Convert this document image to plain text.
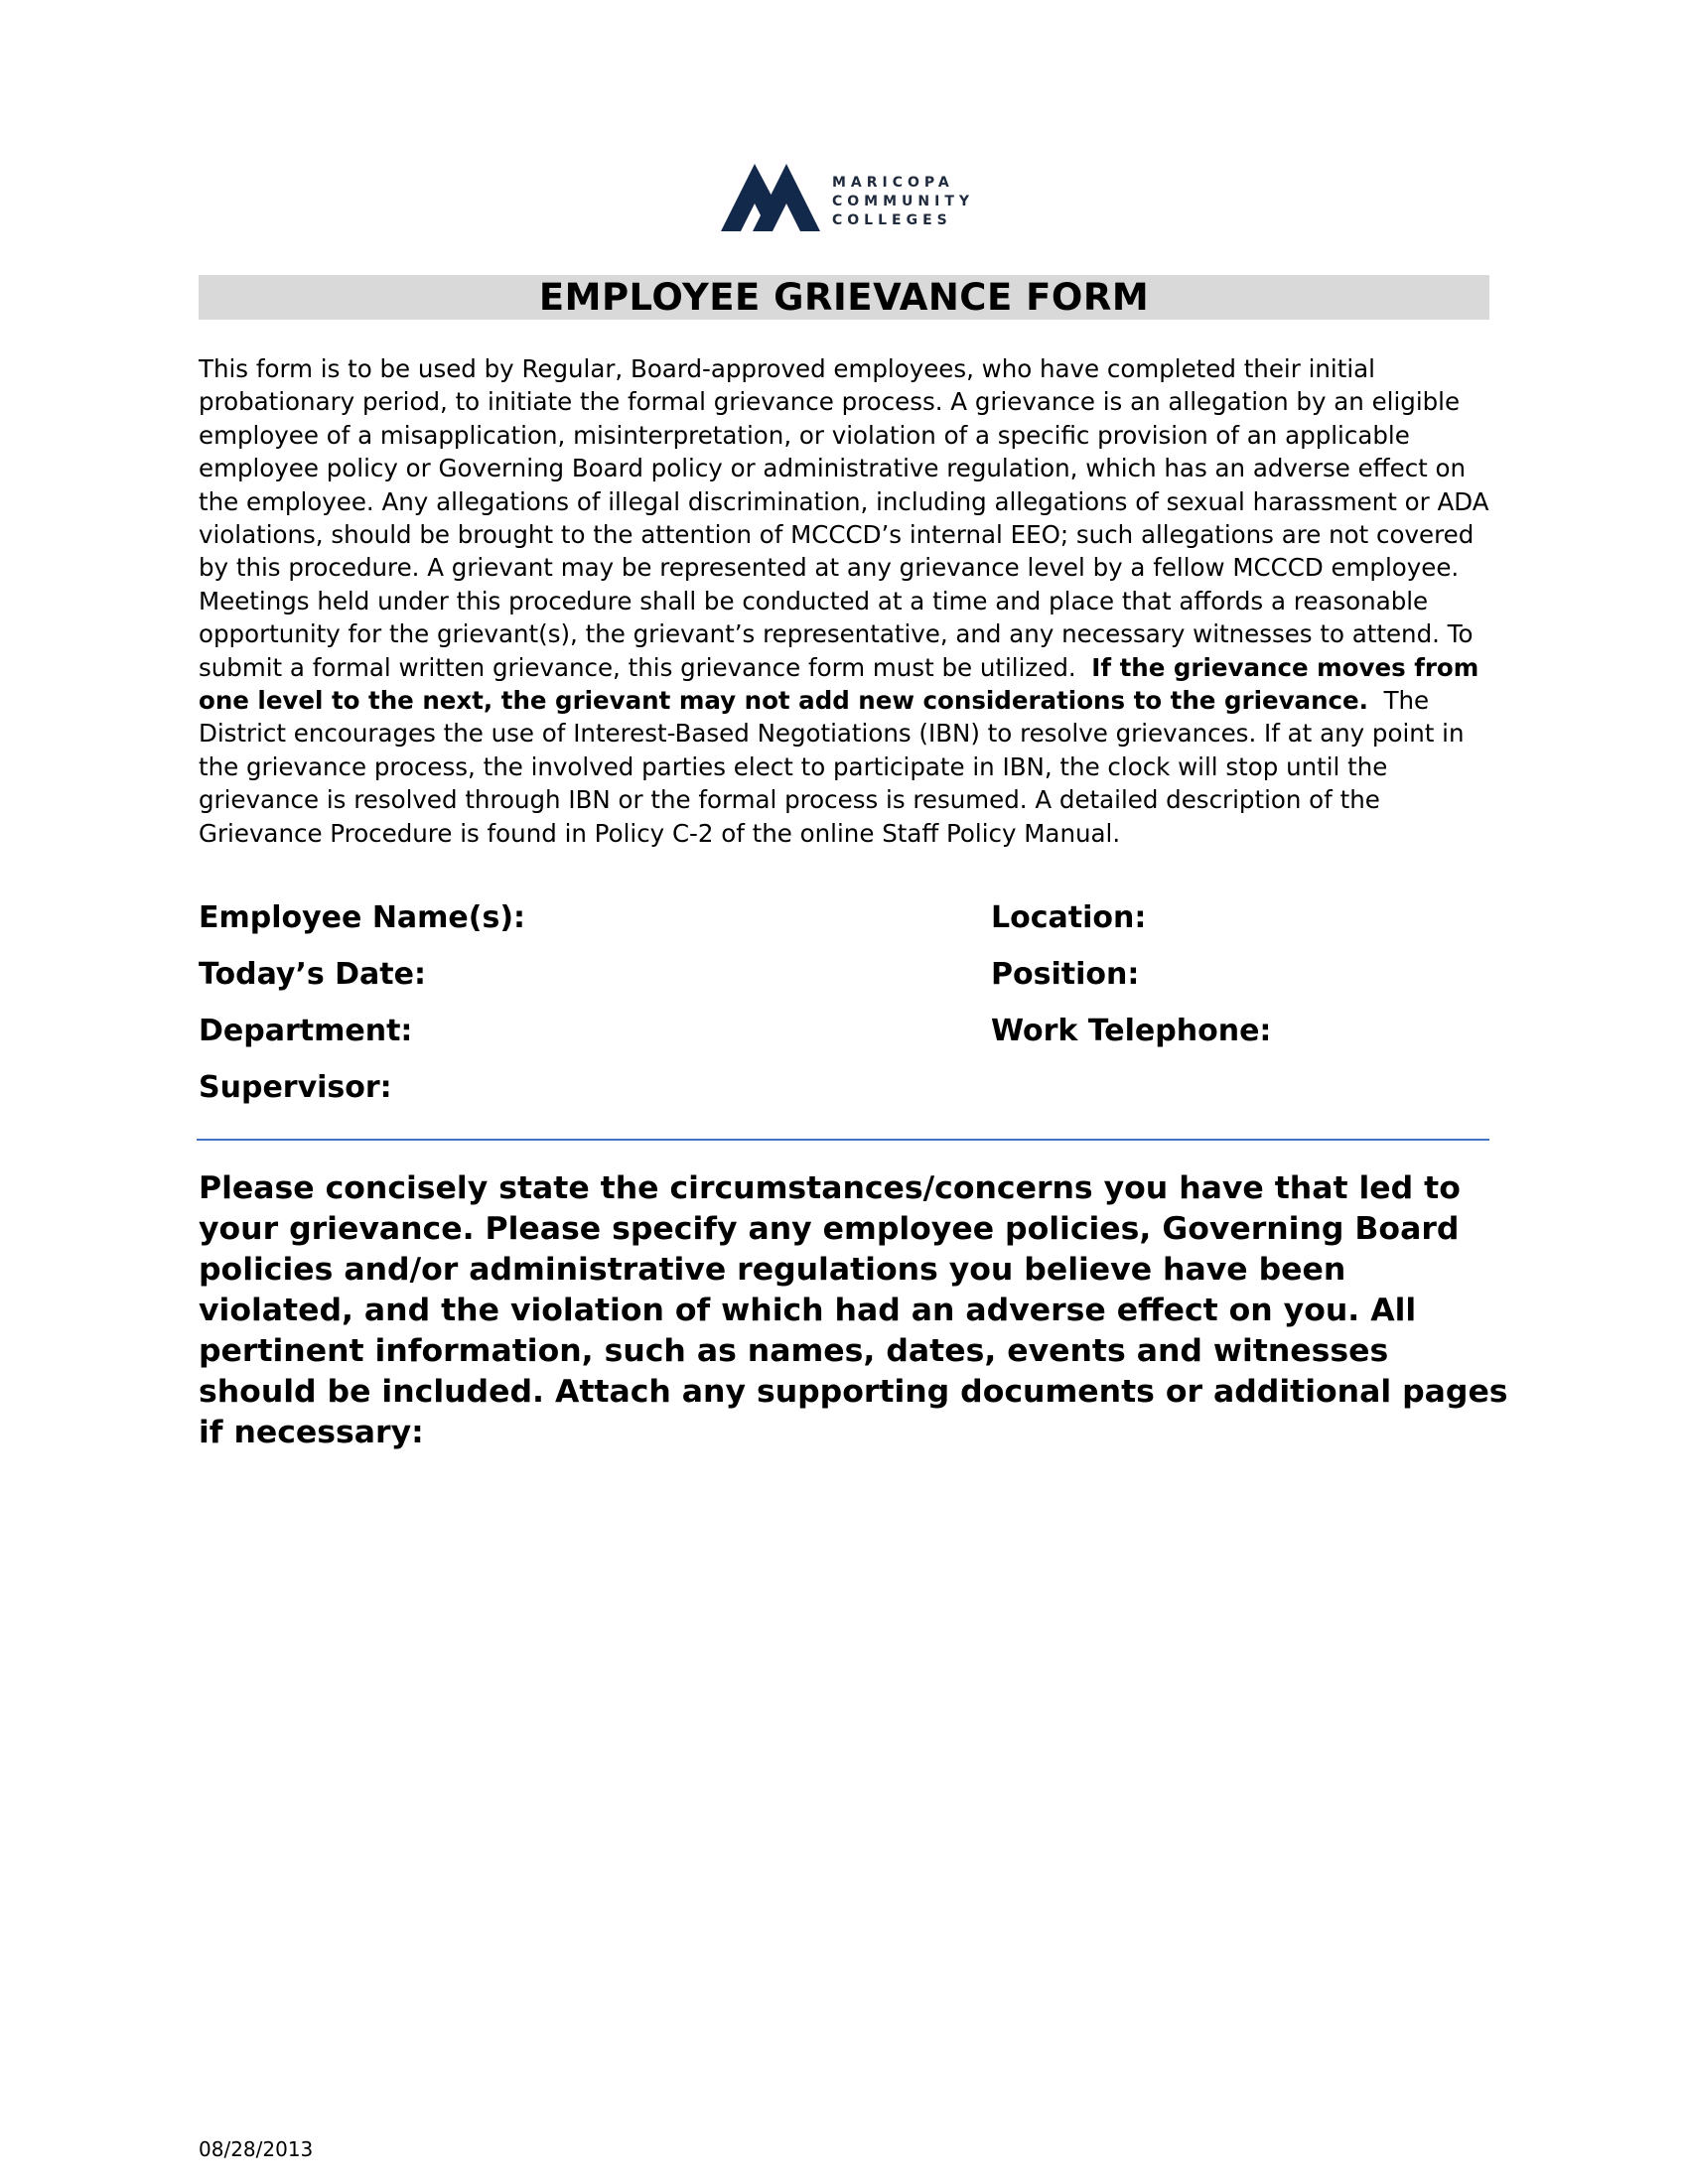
MARICOPA
COMMUNITY
COLLEGES
EMPLOYEE GRIEVANCE FORM

This form is to be used by Regular, Board-approved employees, who have completed their initial probationary period, to initiate the formal grievance process. A grievance is an allegation by an eligible employee of a misapplication, misinterpretation, or violation of a specific provision of an applicable employee policy or Governing Board policy or administrative regulation, which has an adverse effect on the employee. Any allegations of illegal discrimination, including allegations of sexual harassment or ADA violations, should be brought to the attention of MCCCD’s internal EEO; such allegations are not covered by this procedure. A grievant may be represented at any grievance level by a fellow MCCCD employee. Meetings held under this procedure shall be conducted at a time and place that affords a reasonable opportunity for the grievant(s), the grievant’s representative, and any necessary witnesses to attend. To submit a formal written grievance, this grievance form must be utilized. If the grievance moves from one level to the next, the grievant may not add new considerations to the grievance. The District encourages the use of Interest-Based Negotiations (IBN) to resolve grievances. If at any point in the grievance process, the involved parties elect to participate in IBN, the clock will stop until the grievance is resolved through IBN or the formal process is resumed. A detailed description of the Grievance Procedure is found in Policy C-2 of the online Staff Policy Manual.

Employee Name(s):	Location:

Today’s Date:	Position:

Department:	Work Telephone:

Supervisor:

Please concisely state the circumstances/concerns you have that led to your grievance. Please specify any employee policies, Governing Board policies and/or administrative regulations you believe have been violated, and the violation of which had an adverse effect on you. All pertinent information, such as names, dates, events and witnesses should be included. Attach any supporting documents or additional pages if necessary:

08/28/2013
